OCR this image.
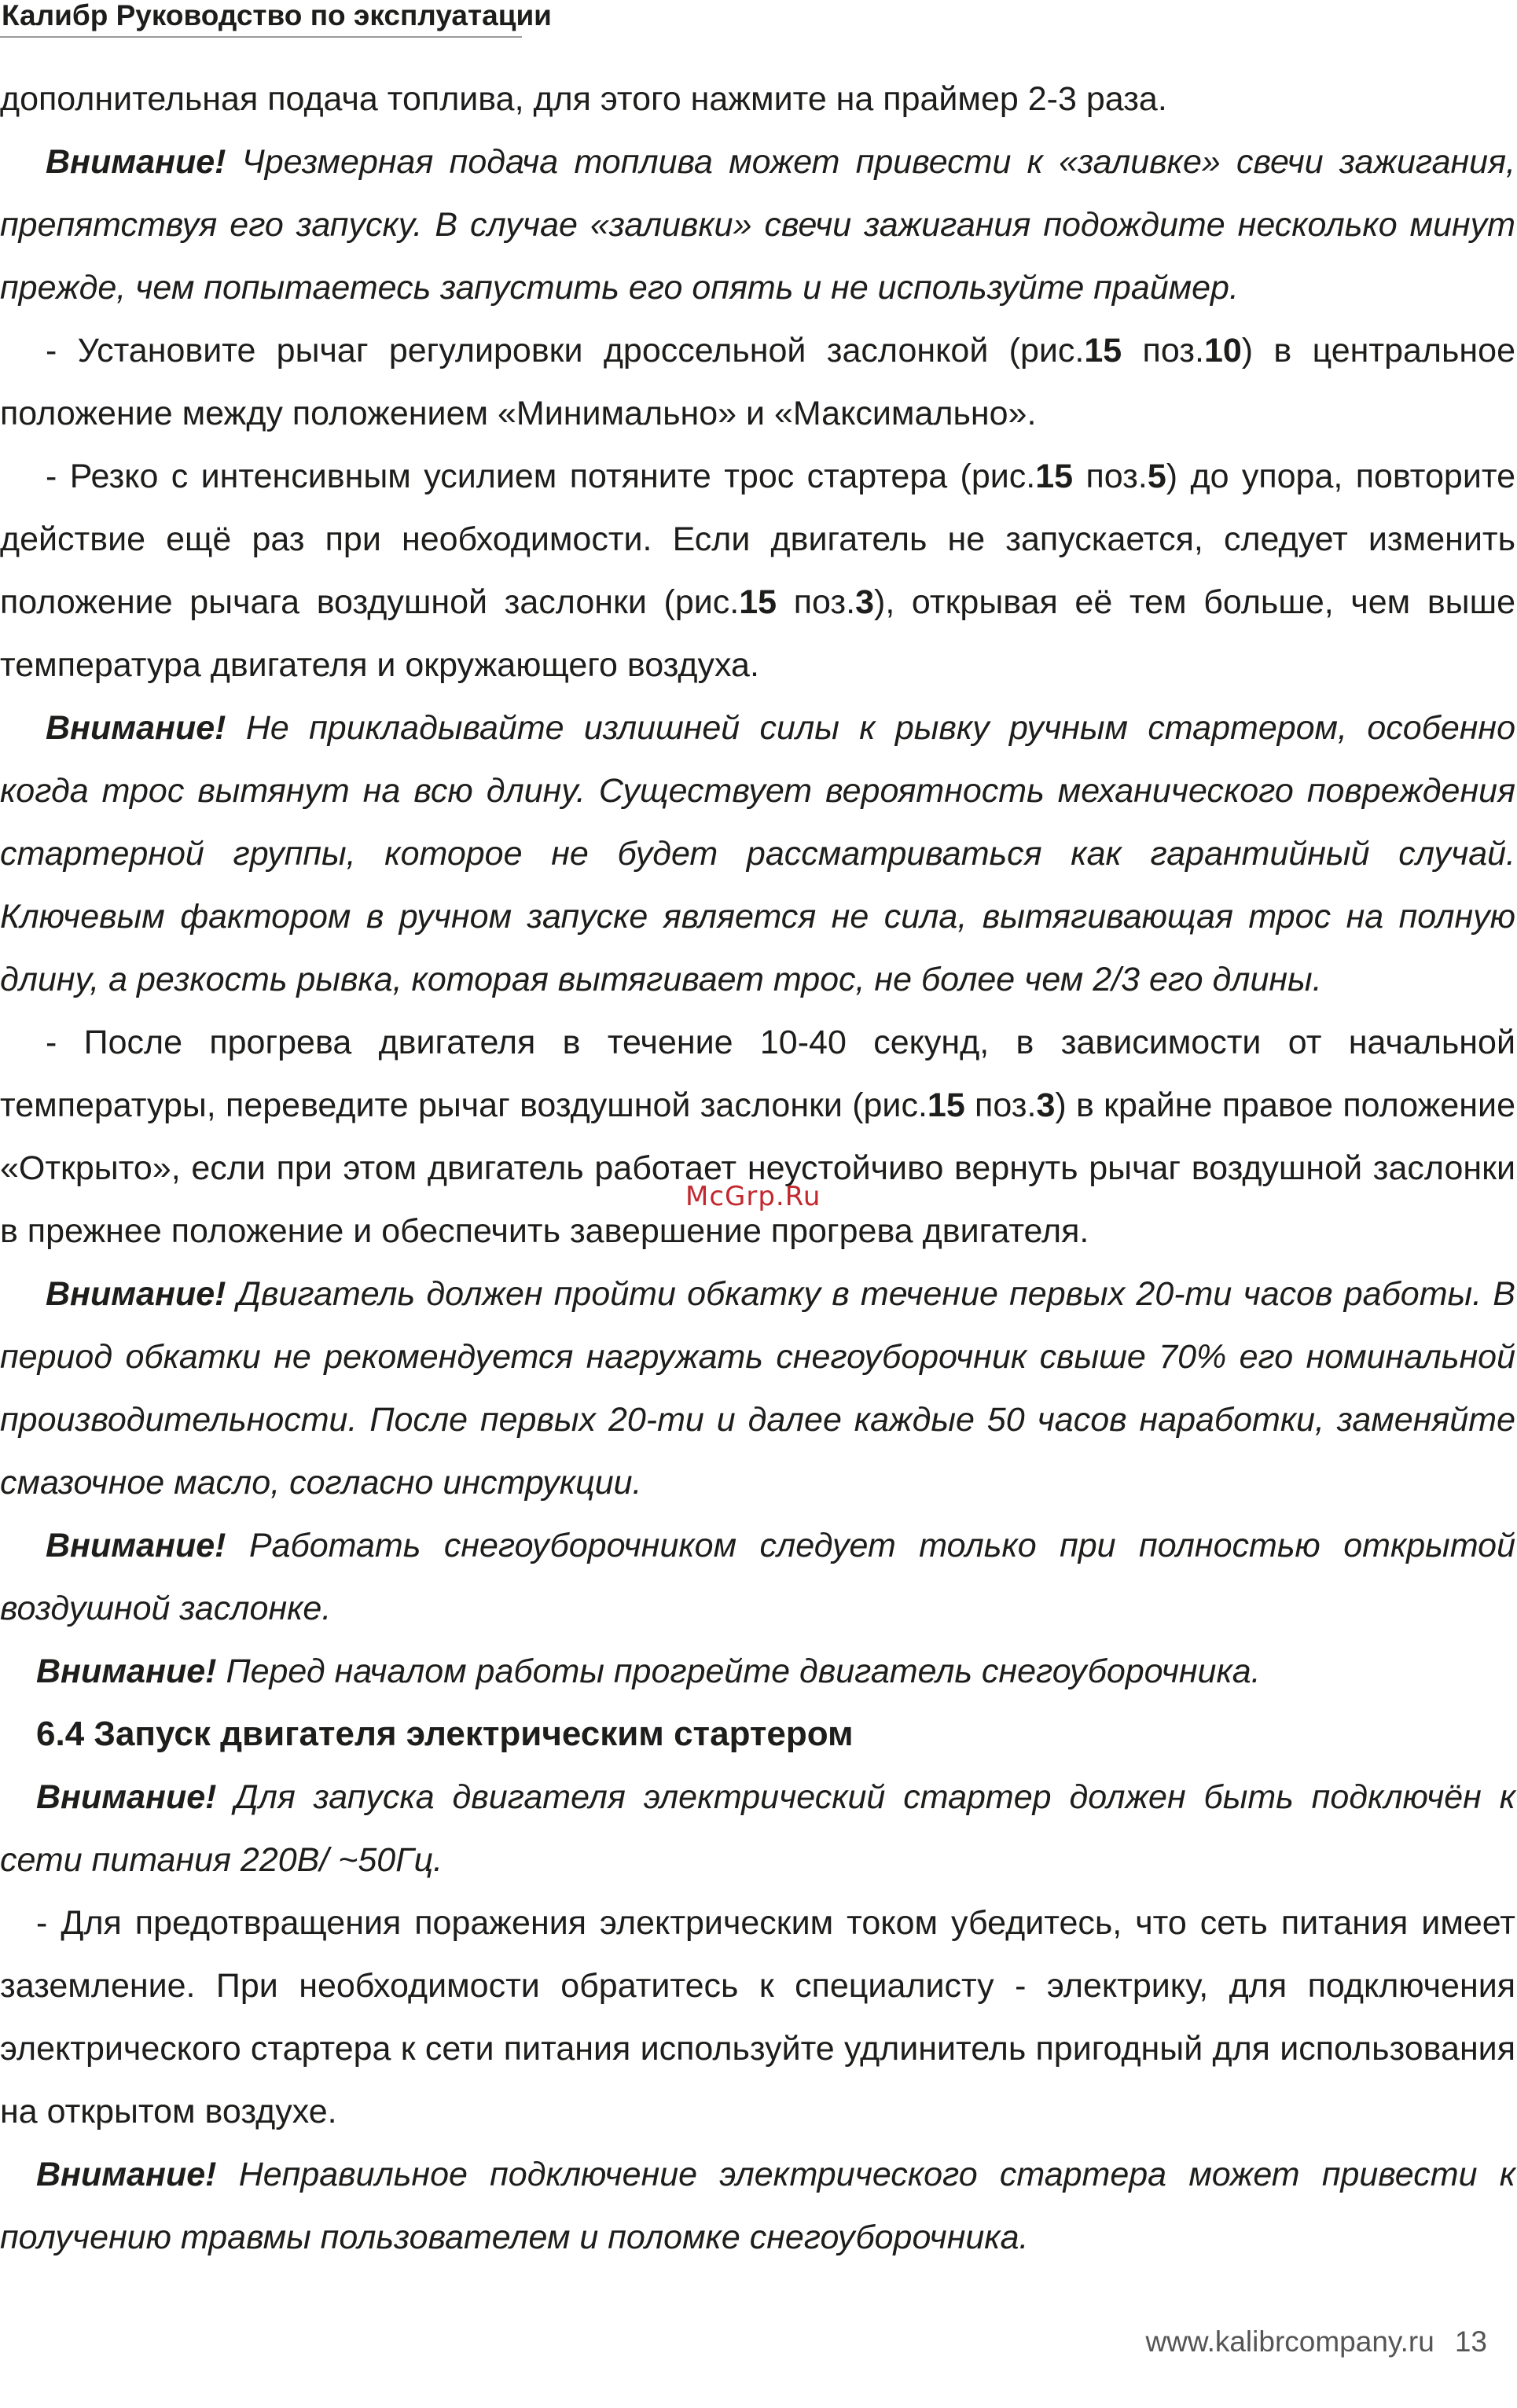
Калибр Руководство по эксплуатации

дополнительная подача топлива, для этого нажмите на праймер 2-3 раза.

Внимание! Чрезмерная подача топлива может привести к «заливке» свечи зажигания, препятствуя его запуску. В случае «заливки» свечи зажигания подождите несколько минут прежде, чем попытаетесь запустить его опять и не используйте праймер.

- Установите рычаг регулировки дроссельной заслонкой (рис.15 поз.10) в центральное положение между положением «Минимально» и «Максимально».

- Резко с интенсивным усилием потяните трос стартера (рис.15 поз.5) до упора, повторите действие ещё раз при необходимости. Если двигатель не запускается, следует изменить положение рычага воздушной заслонки (рис.15 поз.3), открывая её тем больше, чем выше температура двигателя и окружающего воздуха.

Внимание! Не прикладывайте излишней силы к рывку ручным стартером, особенно когда трос вытянут на всю длину. Существует вероятность механического повреждения стартерной группы, которое не будет рассматриваться как гарантийный случай. Ключевым фактором в ручном запуске является не сила, вытягивающая трос на полную длину, а резкость рывка, которая вытягивает трос, не более чем 2/3 его длины.

- После прогрева двигателя в течение 10-40 секунд, в зависимости от начальной температуры, переведите рычаг воздушной заслонки (рис.15 поз.3) в крайне правое положение «Открыто», если при этом двигатель работает неустойчиво вернуть рычаг воздушной заслонки в прежнее положение и обеспечить завершение прогрева двигателя.

Внимание! Двигатель должен пройти обкатку в течение первых 20-ти часов работы. В период обкатки не рекомендуется нагружать снегоуборочник свыше 70% его номинальной производительности. После первых 20-ти и далее каждые 50 часов наработки, заменяйте смазочное масло, согласно инструкции.

Внимание! Работать снегоуборочником следует только при полностью открытой воздушной заслонке.

Внимание! Перед началом работы прогрейте двигатель снегоуборочника.

6.4 Запуск двигателя электрическим стартером

Внимание! Для запуска двигателя электрический стартер должен быть подключён к сети питания 220В/ ~50Гц.

- Для предотвращения поражения электрическим током убедитесь, что сеть питания имеет заземление. При необходимости обратитесь к специалисту - электрику, для подключения электрического стартера к сети питания используйте удлинитель пригодный для использования на открытом воздухе.

Внимание! Неправильное подключение электрического стартера может привести к получению травмы пользователем и поломке снегоуборочника.

McGrp.Ru
www.kalibrcompany.ru 13
